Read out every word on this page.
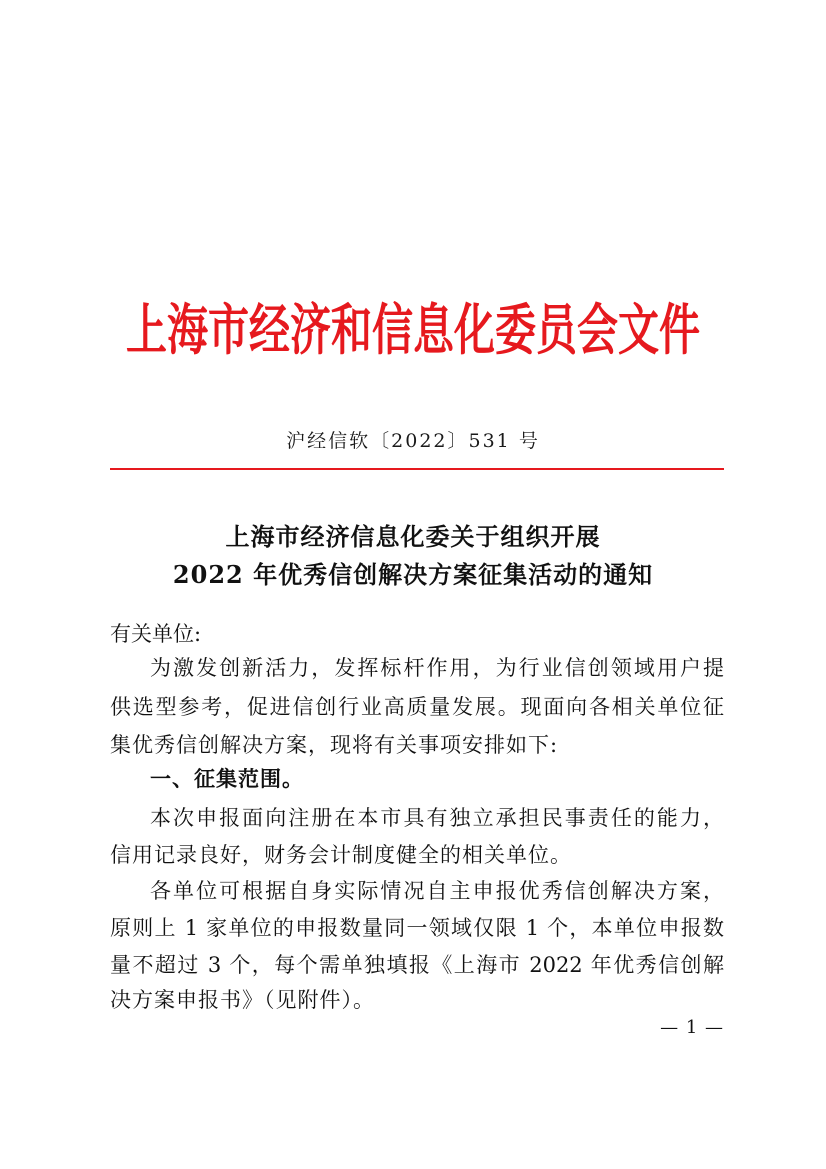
上海市经济和信息化委员会文件
沪经信软〔2022〕531 号
上海市经济信息化委关于组织开展
2022 年优秀信创解决方案征集活动的通知
有关单位:
为激发创新活力，发挥标杆作用，为行业信创领域用户提
供选型参考，促进信创行业高质量发展。现面向各相关单位征
集优秀信创解决方案，现将有关事项安排如下:
一、征集范围。
本次申报面向注册在本市具有独立承担民事责任的能力，
信用记录良好，财务会计制度健全的相关单位。
各单位可根据自身实际情况自主申报优秀信创解决方案，
原则上 1 家单位的申报数量同一领域仅限 1 个，本单位申报数
量不超过 3 个，每个需单独填报《上海市 2022 年优秀信创解
决方案申报书》（见附件）。
— 1 —
